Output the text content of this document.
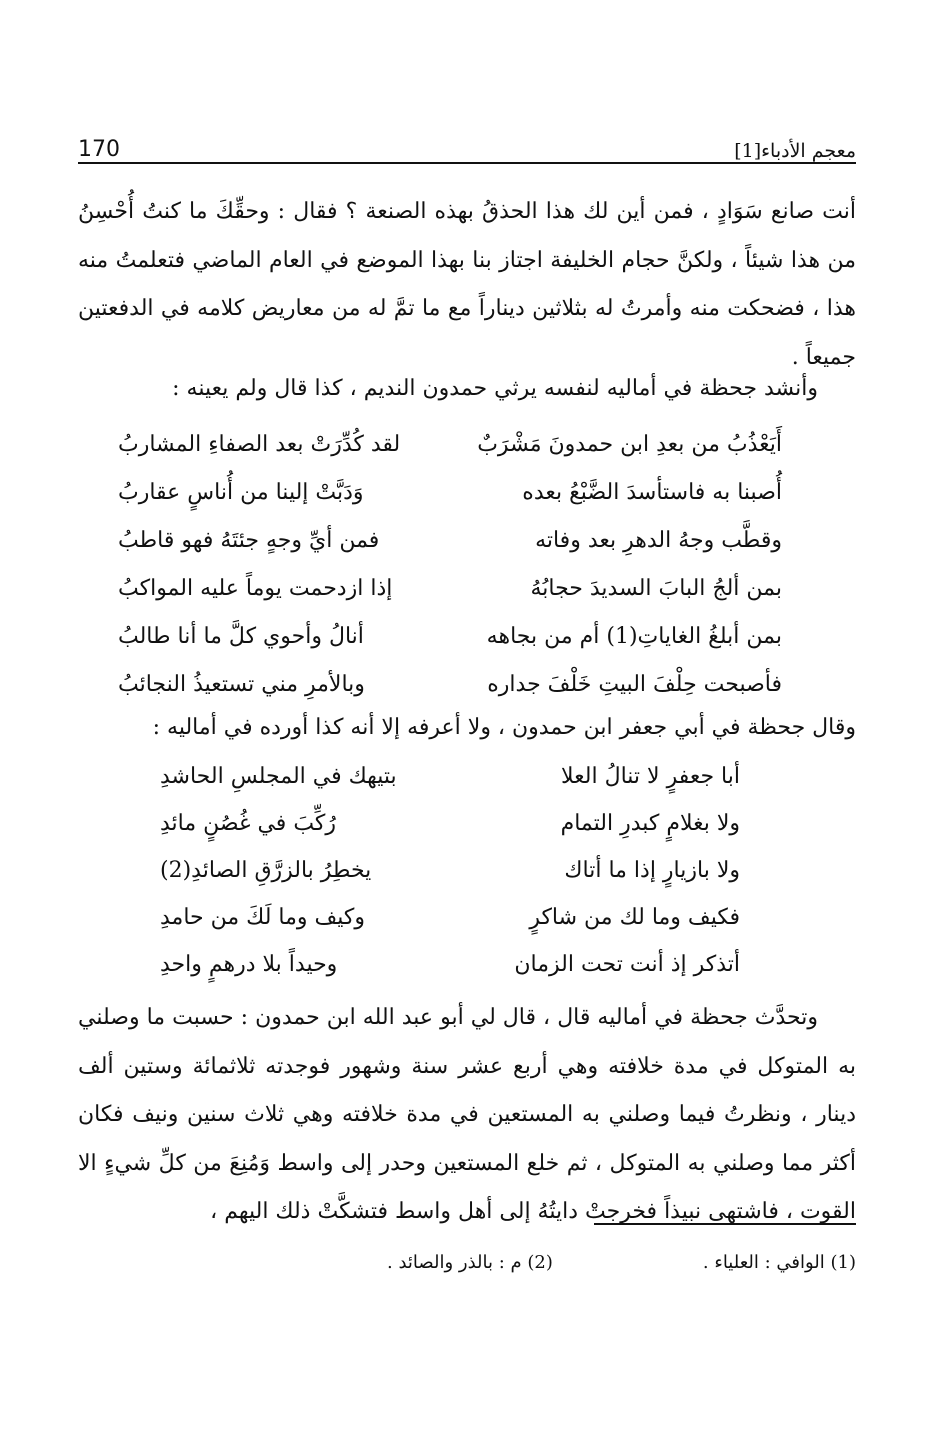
معجم الأدباء[1]
170

أنت صانع سَوَادٍ ، فمن أين لك هذا الحذقُ بهذه الصنعة ؟ فقال : وحقِّكَ ما كنتُ أُحْسِنُ من هذا شيئاً ، ولكنَّ حجام الخليفة اجتاز بنا بهذا الموضع في العام الماضي فتعلمتُ منه هذا ، فضحكت منه وأمرتُ له بثلاثين ديناراً مع ما تمَّ له من معاريض كلامه في الدفعتين جميعاً .

وأنشد جحظة في أماليه لنفسه يرثي حمدون النديم ، كذا قال ولم يعينه :

أَيَعْذُبُ من بعدِ ابن حمدونَ مَشْرَبٌ
لقد كُدِّرَتْ بعد الصفاءِ المشاربُ
أُصبنا به فاستأسدَ الضَّبْعُ بعده
وَدَبَّتْ إلينا من أُناسٍ عقاربُ
وقطَّب وجهُ الدهرِ بعد وفاته
فمن أيِّ وجهٍ جئتَهُ فهو قاطبُ
بمن ألجُ البابَ السديدَ حجابُهُ
إذا ازدحمت يوماً عليه المواكبُ
بمن أبلغُ الغاياتِ(1) أم من بجاهه
أنالُ وأحوي كلَّ ما أنا طالبُ
فأصبحت حِلْفَ البيتِ خَلْفَ جداره
وبالأمرِ مني تستعيذُ النجائبُ

وقال جحظة في أبي جعفر ابن حمدون ، ولا أعرفه إلا أنه كذا أورده في أماليه :

أبا جعفرٍ لا تنالُ العلا
بتيهك في المجلسِ الحاشدِ
ولا بغلامٍ كبدرِ التمام
رُكِّبَ في غُصُنٍ مائدِ
ولا بازيارٍ إذا ما أتاك
يخطِرُ بالزرَّقِ الصائدِ(2)
فكيف وما لك من شاكرٍ
وكيف وما لَكَ من حامدِ
أتذكر إذ أنت تحت الزمان
وحيداً بلا درهمٍ واحدِ

وتحدَّث جحظة في أماليه قال ، قال لي أبو عبد الله ابن حمدون : حسبت ما وصلني به المتوكل في مدة خلافته وهي أربع عشر سنة وشهور فوجدته ثلاثمائة وستين ألف دينار ، ونظرتُ فيما وصلني به المستعين في مدة خلافته وهي ثلاث سنين ونيف فكان أكثر مما وصلني به المتوكل ، ثم خلع المستعين وحدر إلى واسط وَمُنِعَ من كلِّ شيءٍ الا القوت ، فاشتهى نبيذاً فخرجتْ دايتُهُ إلى أهل واسط فتشكَّتْ ذلك اليهم ،

(1) الوافي : العلياء .
(2) م : بالذر والصائد .
